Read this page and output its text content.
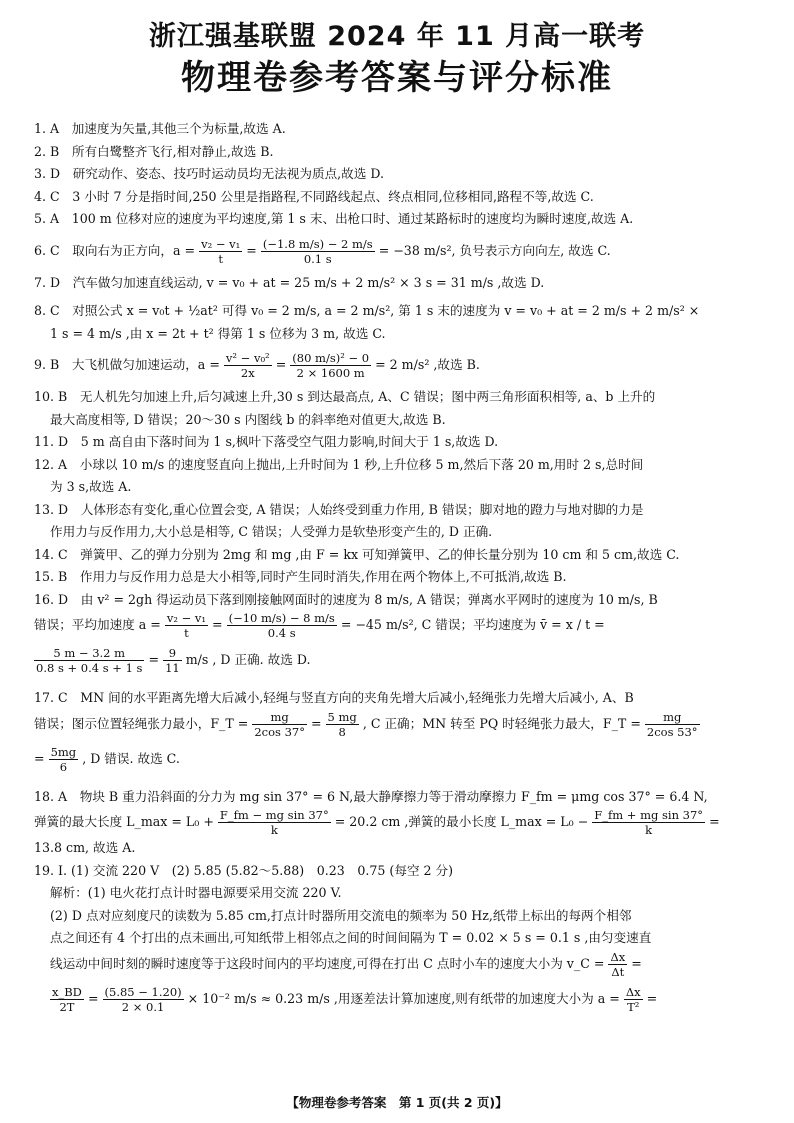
浙江强基联盟 2024 年 11 月高一联考
物理卷参考答案与评分标准
1. A　加速度为矢量,其他三个为标量,故选 A.
2. B　所有白鹭整齐飞行,相对静止,故选 B.
3. D　研究动作、姿态、技巧时运动员均无法视为质点,故选 D.
4. C　3 小时 7 分是指时间,250 公里是指路程,不同路线起点、终点相同,位移相同,路程不等,故选 C.
5. A　100 m 位移对应的速度为平均速度,第 1 s 末、出枪口时、通过某路标时的速度均为瞬时速度,故选 A.
6. C　取向右为正方向，$a = \frac{\text{v₂ − v₁}}{t} = \frac{(-1.8 m/s) - 2 m/s}{0.1 s} = -38$ m/s², 负号表示方向向左, 故选 C.
7. D　汽车做匀加速直线运动, v = v₀ + at = 25 m/s + 2 m/s² × 3 s = 31 m/s ,故选 D.
8. C　对照公式 x = v₀t + ½at² 可得 v₀ = 2 m/s, a = 2 m/s², 第 1 s 末的速度为 v = v₀ + at = 2 m/s + 2 m/s² ×
1 s = 4 m/s ,由 x = 2t + t² 得第 1 s 位移为 3 m, 故选 C.
9. B　大飞机做匀加速运动，$a = \frac{\text{v² − v₀²}}{2x} = \frac{\text{(80 m/s)² − 0}}{2 \times 1600 m} = 2$ m/s² ,故选 B.
10. B　无人机先匀加速上升,后匀减速上升,30 s 到达最高点, A、C 错误；图中两三角形面积相等, a、b 上升的
最大高度相等, D 错误；20～30 s 内图线 b 的斜率绝对值更大,故选 B.
11. D　5 m 高自由下落时间为 1 s,枫叶下落受空气阻力影响,时间大于 1 s,故选 D.
12. A　小球以 10 m/s 的速度竖直向上抛出,上升时间为 1 秒,上升位移 5 m,然后下落 20 m,用时 2 s,总时间
为 3 s,故选 A.
13. D　人体形态有变化,重心位置会变, A 错误；人始终受到重力作用, B 错误；脚对地的蹬力与地对脚的力是
作用力与反作用力,大小总是相等, C 错误；人受弹力是软垫形变产生的, D 正确.
14. C　弹簧甲、乙的弹力分别为 2mg 和 mg ,由 F = kx 可知弹簧甲、乙的伸长量分别为 10 cm 和 5 cm,故选 C.
15. B　作用力与反作用力总是大小相等,同时产生同时消失,作用在两个物体上,不可抵消,故选 B.
16. D　由 v² = 2gh 得运动员下落到刚接触网面时的速度为 8 m/s, A 错误；弹离水平网时的速度为 10 m/s, B
错误；平均加速度 $a = \frac{\text{v₂ − v₁}}{t} = \frac{(-10 m/s) - 8 m/s}{0.4 s} = -45$ m/s², C 错误；平均速度为 v̄ = x / t =
$\frac{5 m - 3.2 m}{0.8 s + 0.4 s + 1 s} = \frac{9}{11} m/s$ , D 正确. 故选 D.
17. C　MN 间的水平距离先增大后减小,轻绳与竖直方向的夹角先增大后减小,轻绳张力先增大后减小, A、B
错误；图示位置轻绳张力最小，F_T = $\frac{mg}{2\cos 37^\circ} = \frac{5 mg}{8}$ , C 正确；MN 转至 PQ 时轻绳张力最大，F_T = $\frac{mg}{2\cos 53^\circ}$
= $\frac{5mg}{6}$ , D 错误. 故选 C.
18. A　物块 B 重力沿斜面的分力为 mg sin 37° = 6 N,最大静摩擦力等于滑动摩擦力 F_fm = μmg cos 37° = 6.4 N,
弹簧的最大长度 L_max = $L_0 + \frac{\text{F\_fm − mg sin 37°}}{k} = 20.2$ cm ,弹簧的最小长度 L_max = $L_0 - \frac{\text{F\_fm + mg sin 37°}}{k}$ =
13.8 cm, 故选 A.
19. Ⅰ. (1) 交流 220 V　(2) 5.85 (5.82～5.88)　0.23　0.75 (每空 2 分)
解析：(1) 电火花打点计时器电源要采用交流 220 V.
(2) D 点对应刻度尺的读数为 5.85 cm,打点计时器所用交流电的频率为 50 Hz,纸带上标出的每两个相邻
点之间还有 4 个打出的点未画出,可知纸带上相邻点之间的时间间隔为 T = 0.02 × 5 s = 0.1 s ,由匀变速直
线运动中间时刻的瞬时速度等于这段时间内的平均速度,可得在打出 C 点时小车的速度大小为 v_C = $\frac{\Delta x}{\Delta t}$ =
$\frac{x\_BD}{2T} = \frac{(5.85 - 1.20)}{2 \times 0.1} \times 10^{-2}$ m/s ≈ 0.23 m/s ,用逐差法计算加速度,则有纸带的加速度大小为 $a = \frac{\Delta x}{\text{T²}}$ =
【物理卷参考答案　第 1 页(共 2 页)】
